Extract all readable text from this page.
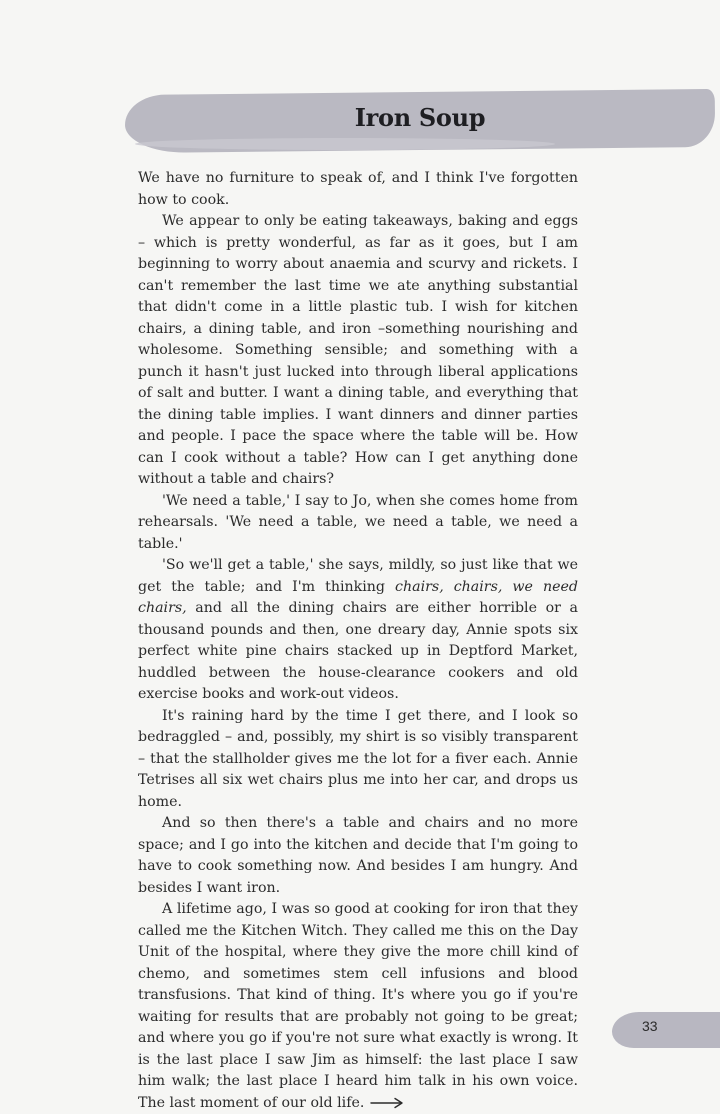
Iron Soup

We have no furniture to speak of, and I think I've forgotten how to cook.

We appear to only be eating takeaways, baking and eggs – which is pretty wonderful, as far as it goes, but I am beginning to worry about anaemia and scurvy and rickets. I can't remember the last time we ate anything substantial that didn't come in a little plastic tub. I wish for kitchen chairs, a dining table, and iron –something nourishing and wholesome. Something sensible; and something with a punch it hasn't just lucked into through liberal applications of salt and butter. I want a dining table, and everything that the dining table implies. I want dinners and dinner parties and people. I pace the space where the table will be. How can I cook without a table? How can I get anything done without a table and chairs?

'We need a table,' I say to Jo, when she comes home from rehearsals. 'We need a table, we need a table, we need a table.'

'So we'll get a table,' she says, mildly, so just like that we get the table; and I'm thinking chairs, chairs, we need chairs, and all the dining chairs are either horrible or a thousand pounds and then, one dreary day, Annie spots six perfect white pine chairs stacked up in Deptford Market, huddled between the house-clearance cookers and old exercise books and work-out videos.

It's raining hard by the time I get there, and I look so bedraggled – and, possibly, my shirt is so visibly transparent – that the stallholder gives me the lot for a fiver each. Annie Tetrises all six wet chairs plus me into her car, and drops us home.

And so then there's a table and chairs and no more space; and I go into the kitchen and decide that I'm going to have to cook something now. And besides I am hungry. And besides I want iron.

A lifetime ago, I was so good at cooking for iron that they called me the Kitchen Witch. They called me this on the Day Unit of the hospital, where they give the more chill kind of chemo, and sometimes stem cell infusions and blood transfusions. That kind of thing. It's where you go if you're waiting for results that are probably not going to be great; and where you go if you're not sure what exactly is wrong. It is the last place I saw Jim as himself: the last place I saw him walk; the last place I heard him talk in his own voice. The last moment of our old life.

33
